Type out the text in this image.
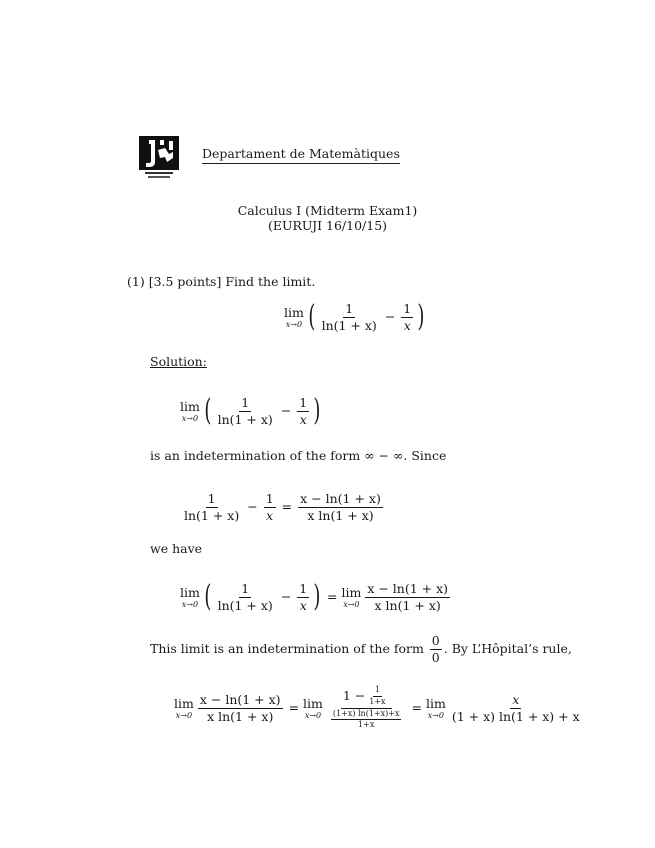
Departament de Matemàtiques
Calculus I (Midterm Exam1)
(EURUJI 16/10/15)
(1) [3.5 points] Find the limit.
lim
x→0 ( $\frac{1}{\ln(1 + x)} - \frac{1}{x}$ )
Solution:
lim
x→0 ( $\frac{1}{\ln(1 + x)} - \frac{1}{x}$ )
is an indetermination of the form ∞ − ∞. Since
$\frac{1}{\ln(1 + x)} - \frac{1}{x} = \frac{x - \ln(1 + x)}{\text{x ln(1 + x)}}$
we have
lim
x→0 ( $\frac{1}{\ln(1 + x)} - \frac{1}{x}$ ) = lim
$x\to 0 \frac{x - \ln(1 + x)}{\text{x ln(1 + x)}}$
This limit is an indetermination of the form $\frac{0}{0}$ . By L’Hôpital’s rule,
lim
$x\to 0 \frac{x - \ln(1 + x)}{\text{x ln(1 + x)}} = \lim$
$x\to 0 \frac{1 - \frac{1}{1+x}}{\frac{(1+x) \ln(1+x)+x}{1+x}} = \lim$
$x\to 0 \frac{x}{(1 + x) \ln(1 + x) + x}$
